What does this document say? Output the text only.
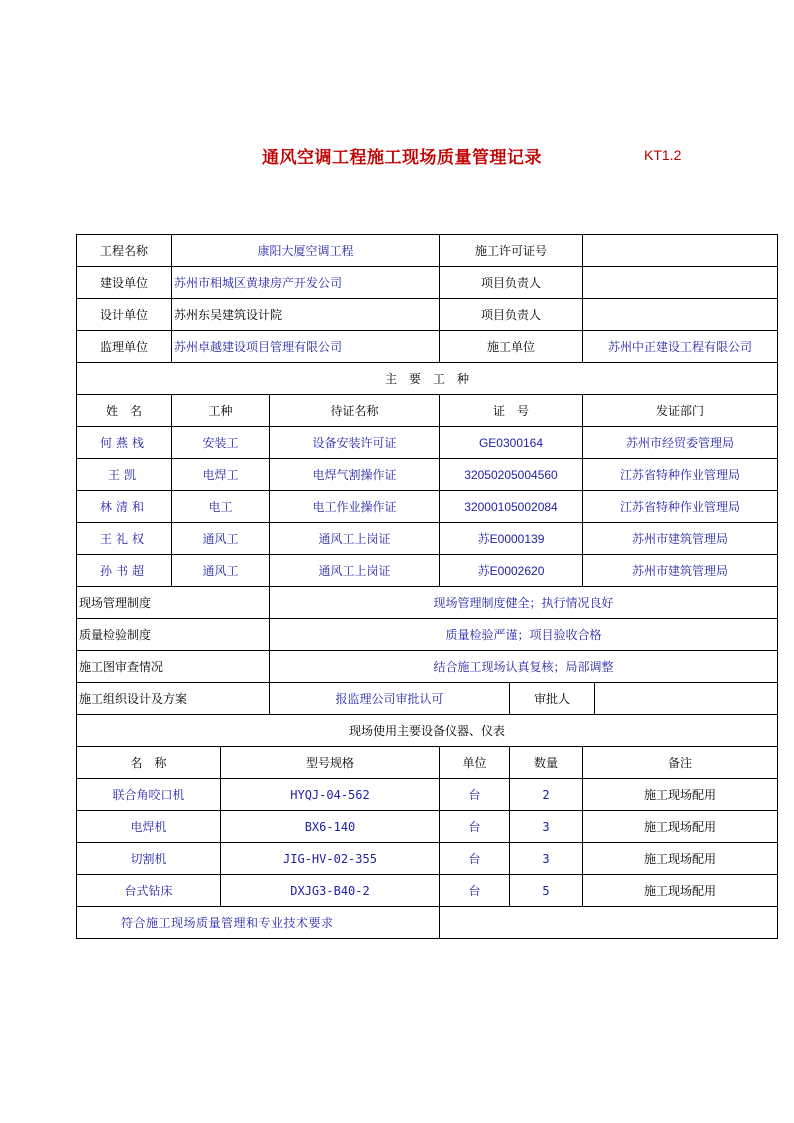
通风空调工程施工现场质量管理记录	KT1.2
工程名称	康阳大厦空调工程			施工许可证号			
建设单位	苏州市相城区黄埭房产开发公司			项目负责人			
设计单位	苏州东吴建筑设计院			项目负责人			
监理单位	苏州卓越建设项目管理有限公司			施工单位		苏州中正建设工程有限公司	
主　要　工　种							
姓　名	工种		待证名称	证　号		发证部门	
何燕栈	安装工		设备安装许可证	GE0300164		苏州市经贸委管理局	
王凯	电焊工		电焊气割操作证	32050205004560		江苏省特种作业管理局	
林清和	电工		电工作业操作证	32000105002084		江苏省特种作业管理局	
王礼权	通风工		通风工上岗证	苏E0000139		苏州市建筑管理局	
孙书超	通风工		通风工上岗证	苏E0002620		苏州市建筑管理局	
现场管理制度			现场管理制度健全；执行情况良好				
质量检验制度			质量检验严谨；项目验收合格				
施工图审查情况			结合施工现场认真复核；局部调整				
施工组织设计及方案			报监理公司审批认可		审批人		
现场使用主要设备仪器、仪表							
名　称		型号规格		单位	数量	备注	
联合角咬口机		HYQJ-04-562		台	2	施工现场配用	
电焊机		BX6-140		台	3	施工现场配用	
切割机		JIG-HV-02-355		台	3	施工现场配用	
台式钻床		DXJG3-B40-2		台	5	施工现场配用	

符合施工现场质量管理和专业技术要求							
